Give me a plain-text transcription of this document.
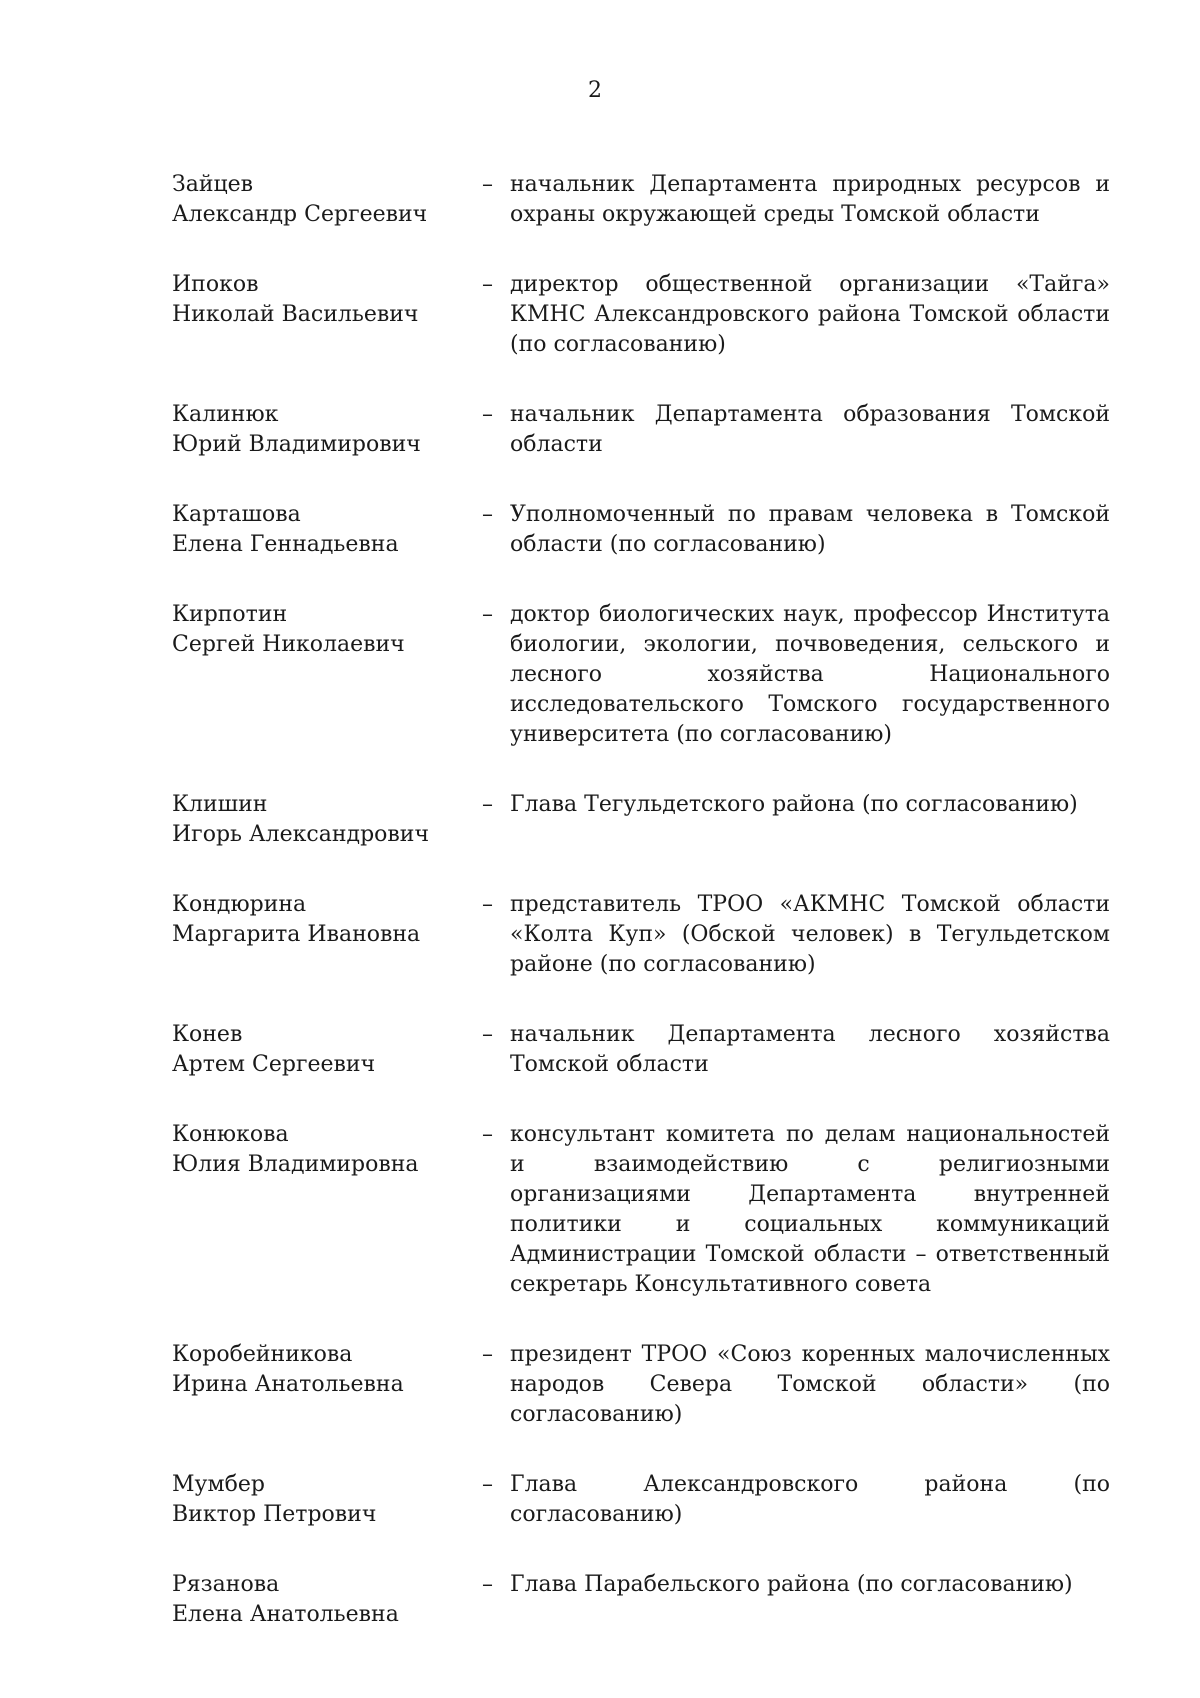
2
Зайцев
Александр Сергеевич
– начальник Департамента природных ресурсов и охраны окружающей среды Томской области
Ипоков
Николай Васильевич
– директор общественной организации «Тайга» КМНС Александровского района Томской области (по согласованию)
Калинюк
Юрий Владимирович
– начальник Департамента образования Томской области
Карташова
Елена Геннадьевна
– Уполномоченный по правам человека в Томской области (по согласованию)
Кирпотин
Сергей Николаевич
– доктор биологических наук, профессор Института биологии, экологии, почвоведения, сельского и лесного хозяйства Национального исследовательского Томского государственного университета (по согласованию)
Клишин
Игорь Александрович
– Глава Тегульдетского района (по согласованию)
Кондюрина
Маргарита Ивановна
– представитель ТРОО «АКМНС Томской области «Колта Куп» (Обской человек) в Тегульдетском районе (по согласованию)
Конев
Артем Сергеевич
– начальник Департамента лесного хозяйства Томской области
Конюкова
Юлия Владимировна
– консультант комитета по делам национальностей и взаимодействию с религиозными организациями Департамента внутренней политики и социальных коммуникаций Администрации Томской области – ответственный секретарь Консультативного совета
Коробейникова
Ирина Анатольевна
– президент ТРОО «Союз коренных малочисленных народов Севера Томской области» (по согласованию)
Мумбер
Виктор Петрович
– Глава Александровского района (по согласованию)
Рязанова
Елена Анатольевна
– Глава Парабельского района (по согласованию)
